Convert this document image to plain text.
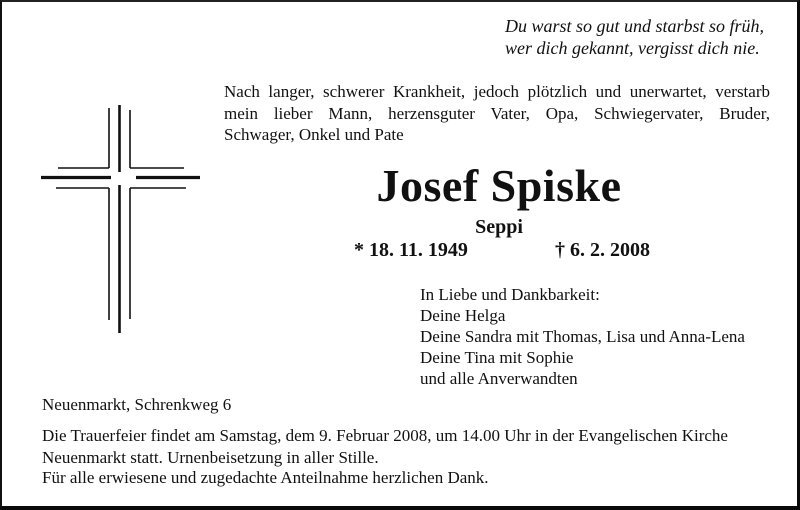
Du warst so gut und starbst so früh,
wer dich gekannt, vergisst dich nie.
Nach langer, schwerer Krankheit, jedoch plötzlich und unerwartet, verstarb
mein lieber Mann, herzensguter Vater, Opa, Schwiegervater, Bruder,
Schwager, Onkel und Pate
Josef Spiske
Seppi
* 18. 11. 1949	† 6. 2. 2008
In Liebe und Dankbarkeit:
Deine Helga
Deine Sandra mit Thomas, Lisa und Anna-Lena
Deine Tina mit Sophie
und alle Anverwandten
Neuenmarkt, Schrenkweg 6
Die Trauerfeier findet am Samstag, dem 9. Februar 2008, um 14.00 Uhr in der Evangelischen Kirche
Neuenmarkt statt. Urnenbeisetzung in aller Stille.
Für alle erwiesene und zugedachte Anteilnahme herzlichen Dank.
